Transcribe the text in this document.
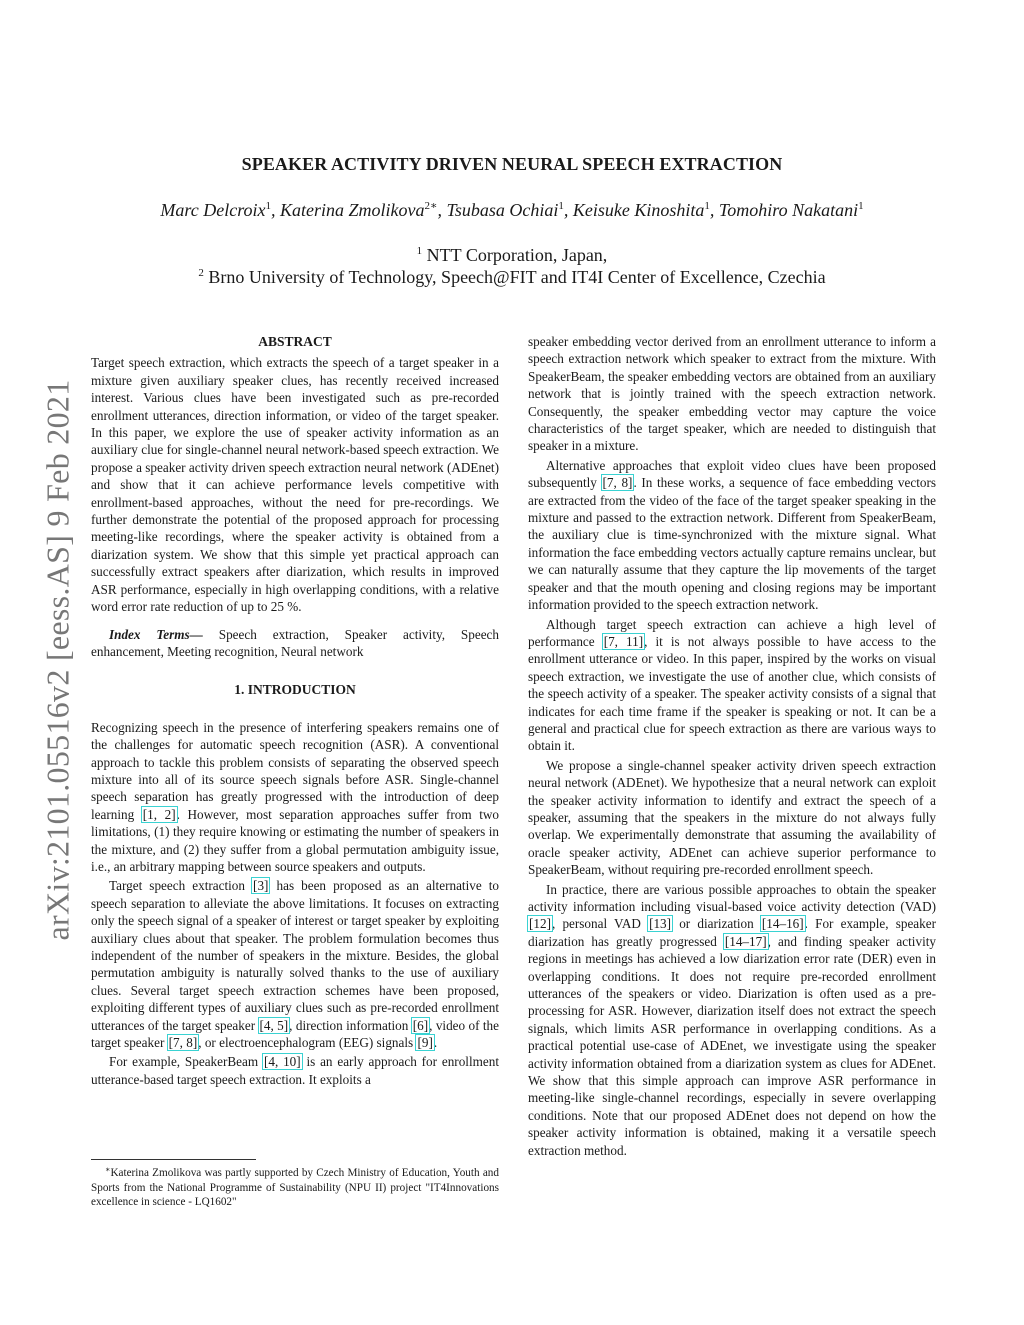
arXiv:2101.05516v2 [eess.AS] 9 Feb 2021
SPEAKER ACTIVITY DRIVEN NEURAL SPEECH EXTRACTION
Marc Delcroix$^1$, Katerina Zmolikova$^{2∗}$, Tsubasa Ochiai$^1$, Keisuke Kinoshita$^1$, Tomohiro Nakatani$^1$
$^1$ NTT Corporation, Japan,
$^2$ Brno University of Technology, Speech@FIT and IT4I Center of Excellence, Czechia
ABSTRACT

Target speech extraction, which extracts the speech of a target speaker in a mixture given auxiliary speaker clues, has recently received increased interest. Various clues have been investigated such as pre-recorded enrollment utterances, direction information, or video of the target speaker. In this paper, we explore the use of speaker activity information as an auxiliary clue for single-channel neural network-based speech extraction. We propose a speaker activity driven speech extraction neural network (ADEnet) and show that it can achieve performance levels competitive with enrollment-based approaches, without the need for pre-recordings. We further demonstrate the potential of the proposed approach for processing meeting-like recordings, where the speaker activity is obtained from a diarization system. We show that this simple yet practical approach can successfully extract speakers after diarization, which results in improved ASR performance, especially in high overlapping conditions, with a relative word error rate reduction of up to 25 %.

Index Terms— Speech extraction, Speaker activity, Speech enhancement, Meeting recognition, Neural network

1. INTRODUCTION

Recognizing speech in the presence of interfering speakers remains one of the challenges for automatic speech recognition (ASR). A conventional approach to tackle this problem consists of separating the observed speech mixture into all of its source speech signals before ASR. Single-channel speech separation has greatly progressed with the introduction of deep learning [1, 2]. However, most separation approaches suffer from two limitations, (1) they require knowing or estimating the number of speakers in the mixture, and (2) they suffer from a global permutation ambiguity issue, i.e., an arbitrary mapping between source speakers and outputs.

Target speech extraction [3] has been proposed as an alternative to speech separation to alleviate the above limitations. It focuses on extracting only the speech signal of a speaker of interest or target speaker by exploiting auxiliary clues about that speaker. The problem formulation becomes thus independent of the number of speakers in the mixture. Besides, the global permutation ambiguity is naturally solved thanks to the use of auxiliary clues. Several target speech extraction schemes have been proposed, exploiting different types of auxiliary clues such as pre-recorded enrollment utterances of the target speaker [4, 5], direction information [6], video of the target speaker [7, 8], or electroencephalogram (EEG) signals [9].

For example, SpeakerBeam [4, 10] is an early approach for enrollment utterance-based target speech extraction. It exploits a

∗Katerina Zmolikova was partly supported by Czech Ministry of Education, Youth and Sports from the National Programme of Sustainability (NPU II) project "IT4Innovations excellence in science - LQ1602"

speaker embedding vector derived from an enrollment utterance to inform a speech extraction network which speaker to extract from the mixture. With SpeakerBeam, the speaker embedding vectors are obtained from an auxiliary network that is jointly trained with the speech extraction network. Consequently, the speaker embedding vector may capture the voice characteristics of the target speaker, which are needed to distinguish that speaker in a mixture.

Alternative approaches that exploit video clues have been proposed subsequently [7, 8]. In these works, a sequence of face embedding vectors are extracted from the video of the face of the target speaker speaking in the mixture and passed to the extraction network. Different from SpeakerBeam, the auxiliary clue is time-synchronized with the mixture signal. What information the face embedding vectors actually capture remains unclear, but we can naturally assume that they capture the lip movements of the target speaker and that the mouth opening and closing regions may be important information provided to the speech extraction network.

Although target speech extraction can achieve a high level of performance [7, 11], it is not always possible to have access to the enrollment utterance or video. In this paper, inspired by the works on visual speech extraction, we investigate the use of another clue, which consists of the speech activity of a speaker. The speaker activity consists of a signal that indicates for each time frame if the speaker is speaking or not. It can be a general and practical clue for speech extraction as there are various ways to obtain it.

We propose a single-channel speaker activity driven speech extraction neural network (ADEnet). We hypothesize that a neural network can exploit the speaker activity information to identify and extract the speech of a speaker, assuming that the speakers in the mixture do not always fully overlap. We experimentally demonstrate that assuming the availability of oracle speaker activity, ADEnet can achieve superior performance to SpeakerBeam, without requiring pre-recorded enrollment speech.

In practice, there are various possible approaches to obtain the speaker activity information including visual-based voice activity detection (VAD) [12], personal VAD [13] or diarization [14–16]. For example, speaker diarization has greatly progressed [14–17], and finding speaker activity regions in meetings has achieved a low diarization error rate (DER) even in overlapping conditions. It does not require pre-recorded enrollment utterances of the speakers or video. Diarization is often used as a pre-processing for ASR. However, diarization itself does not extract the speech signals, which limits ASR performance in overlapping conditions. As a practical potential use-case of ADEnet, we investigate using the speaker activity information obtained from a diarization system as clues for ADEnet. We show that this simple approach can improve ASR performance in meeting-like single-channel recordings, especially in severe overlapping conditions. Note that our proposed ADEnet does not depend on how the speaker activity information is obtained, making it a versatile speech extraction method.
